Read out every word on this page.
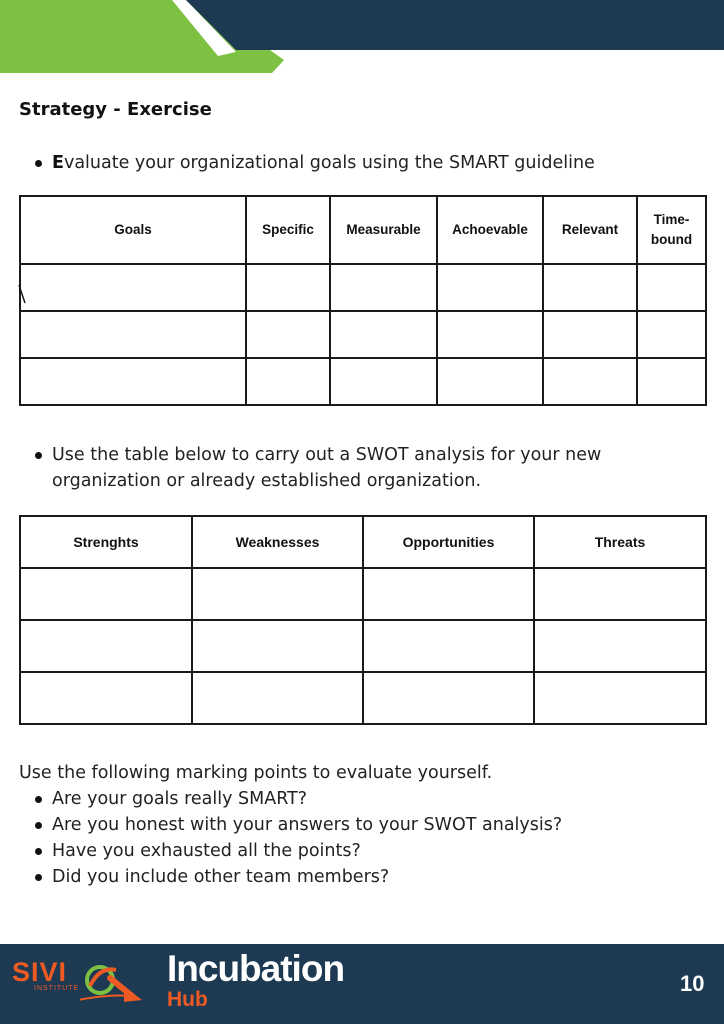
Strategy - Exercise
Evaluate your organizational goals using the SMART guideline
Goals	Specific	Measurable	Achoevable	Relevant	Time-bound

Use the table below to carry out a SWOT analysis for your new
organization or already established organization.
Strenghts	Weaknesses	Opportunities	Threats

Use the following marking points to evaluate yourself.
Are your goals really SMART?
Are you honest with your answers to your SWOT analysis?
Have you exhausted all the points?
Did you include other team members?
SIVI
INSTITUTE Incubation
Hub
10
